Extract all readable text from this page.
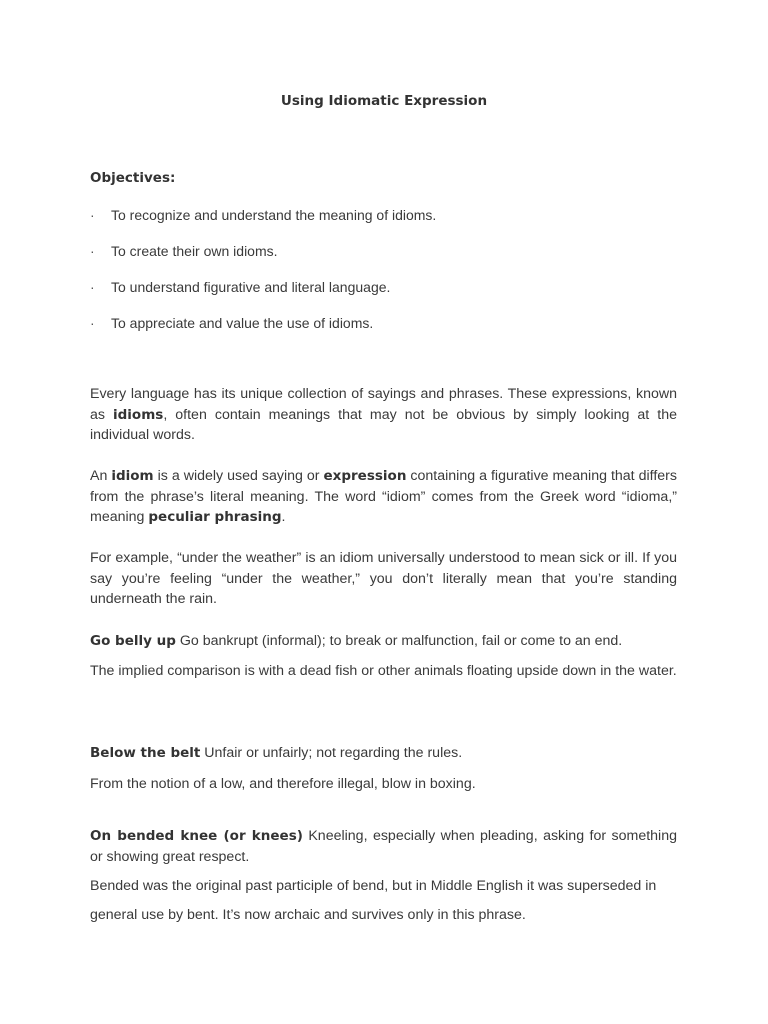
Using Idiomatic Expression
Objectives:
· To recognize and understand the meaning of idioms.
· To create their own idioms.
· To understand figurative and literal language.
· To appreciate and value the use of idioms.

Every language has its unique collection of sayings and phrases. These expressions, known as idioms, often contain meanings that may not be obvious by simply looking at the individual words.

An idiom is a widely used saying or expression containing a figurative meaning that differs from the phrase’s literal meaning. The word “idiom” comes from the Greek word “idioma,” meaning peculiar phrasing.

For example, “under the weather” is an idiom universally understood to mean sick or ill. If you say you’re feeling “under the weather,” you don’t literally mean that you’re standing underneath the rain.

Go belly up Go bankrupt (informal); to break or malfunction, fail or come to an end.

The implied comparison is with a dead fish or other animals floating upside down in the water.

Below the belt Unfair or unfairly; not regarding the rules.

From the notion of a low, and therefore illegal, blow in boxing.

On bended knee (or knees) Kneeling, especially when pleading, asking for something or showing great respect.

Bended was the original past participle of bend, but in Middle English it was superseded in general use by bent. It’s now archaic and survives only in this phrase.
